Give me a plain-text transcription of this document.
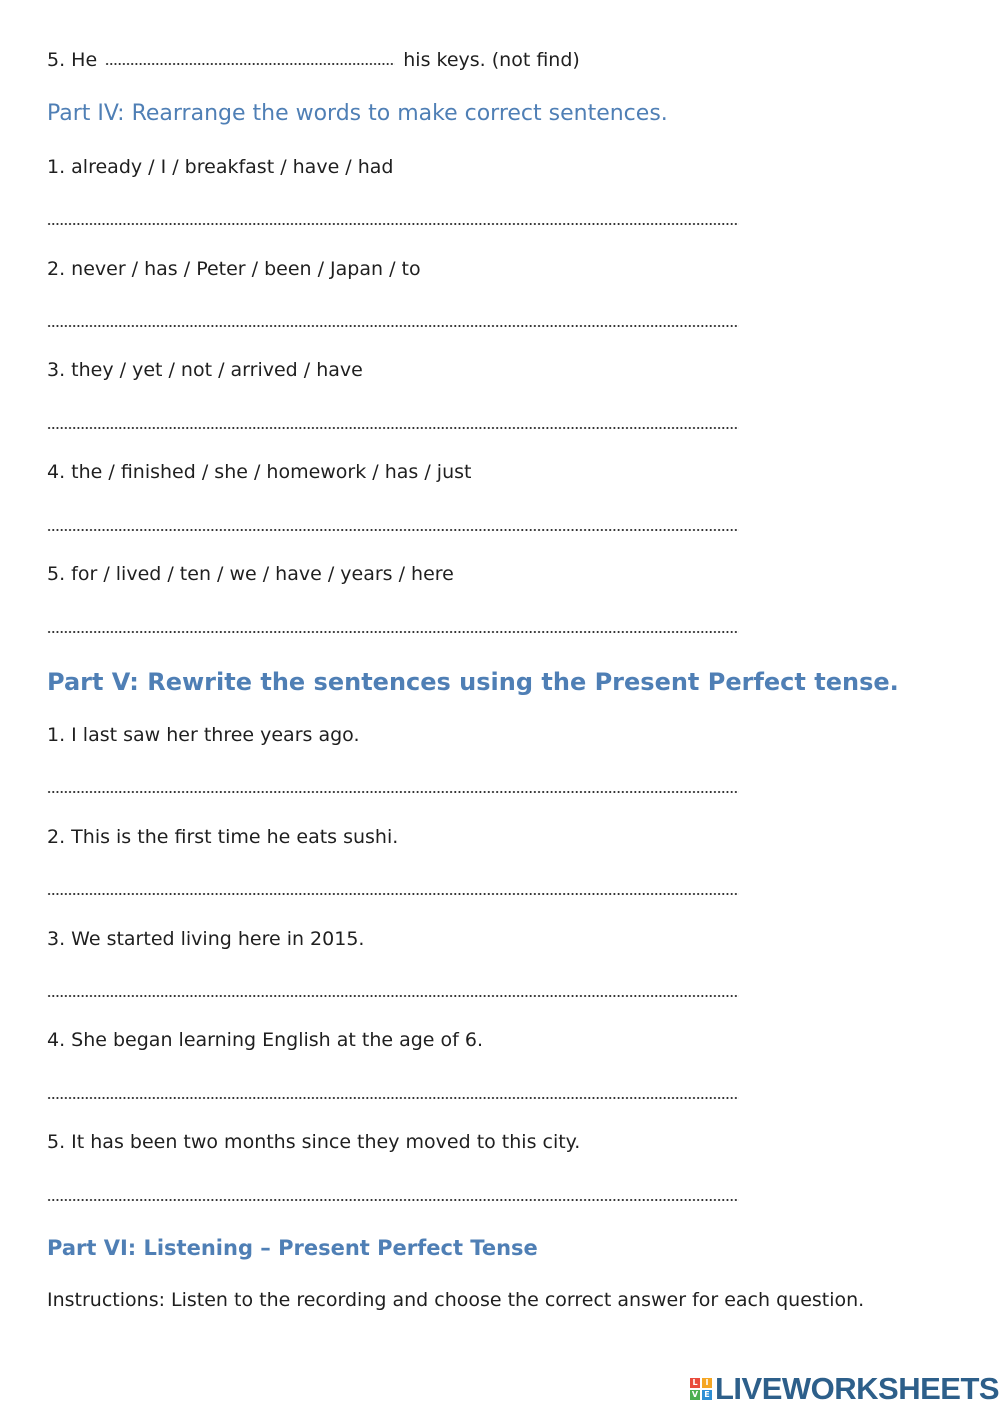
5. He	his keys. (not find)
Part IV: Rearrange the words to make correct sentences.
1. already / I / breakfast / have / had
2. never / has / Peter / been / Japan / to
3. they / yet / not / arrived / have
4. the / finished / she / homework / has / just
5. for / lived / ten / we / have / years / here
Part V: Rewrite the sentences using the Present Perfect tense.
1. I last saw her three years ago.
2. This is the first time he eats sushi.
3. We started living here in 2015.
4. She began learning English at the age of 6.
5. It has been two months since they moved to this city.
Part VI: Listening – Present Perfect Tense
Instructions: Listen to the recording and choose the correct answer for each question.
L I
V E LIVEWORKSHEETS
